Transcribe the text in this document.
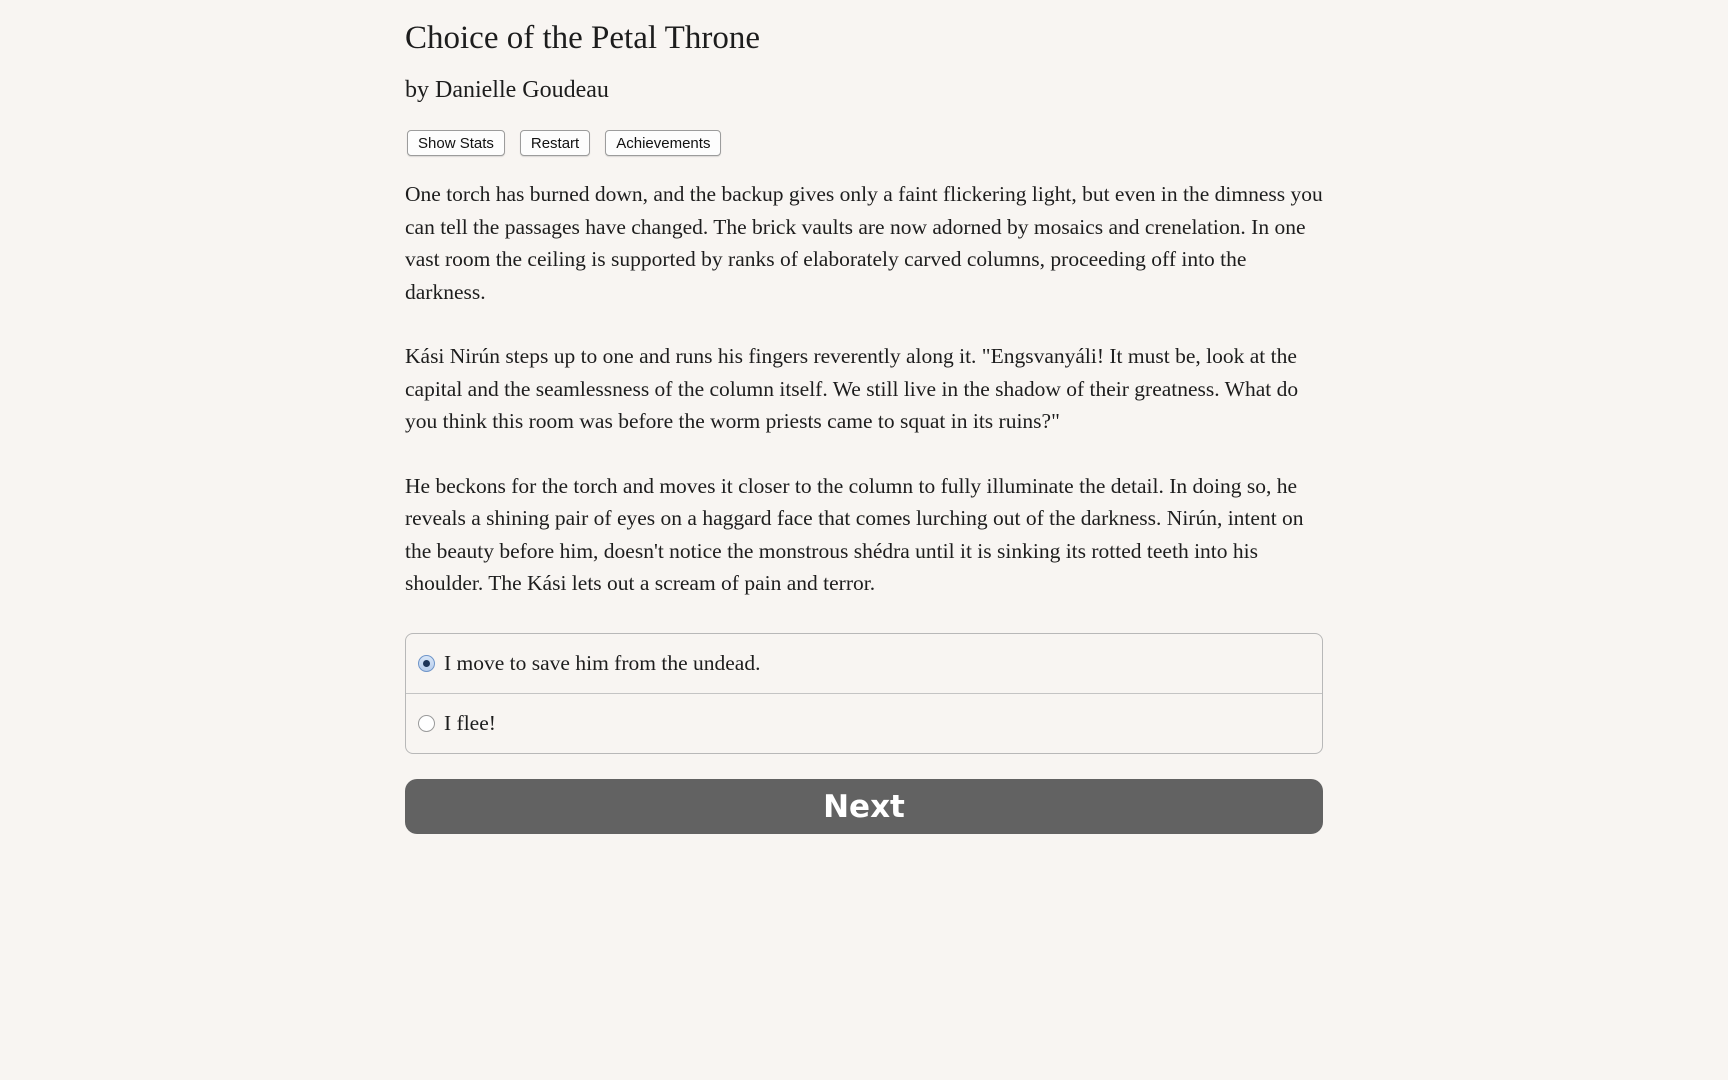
Choice of the Petal Throne
by Danielle Goudeau
Show Stats	Restart	Achievements

One torch has burned down, and the backup gives only a faint flickering light, but even in the dimness you can tell the passages have changed. The brick vaults are now adorned by mosaics and crenelation. In one vast room the ceiling is supported by ranks of elaborately carved columns, proceeding off into the darkness.

Kási Nirún steps up to one and runs his fingers reverently along it. "Engsvanyáli! It must be, look at the capital and the seamlessness of the column itself. We still live in the shadow of their greatness. What do you think this room was before the worm priests came to squat in its ruins?"

He beckons for the torch and moves it closer to the column to fully illuminate the detail. In doing so, he reveals a shining pair of eyes on a haggard face that comes lurching out of the darkness. Nirún, intent on the beauty before him, doesn't notice the monstrous shédra until it is sinking its rotted teeth into his shoulder. The Kási lets out a scream of pain and terror.

I move to save him from the undead.
I flee!
Next
